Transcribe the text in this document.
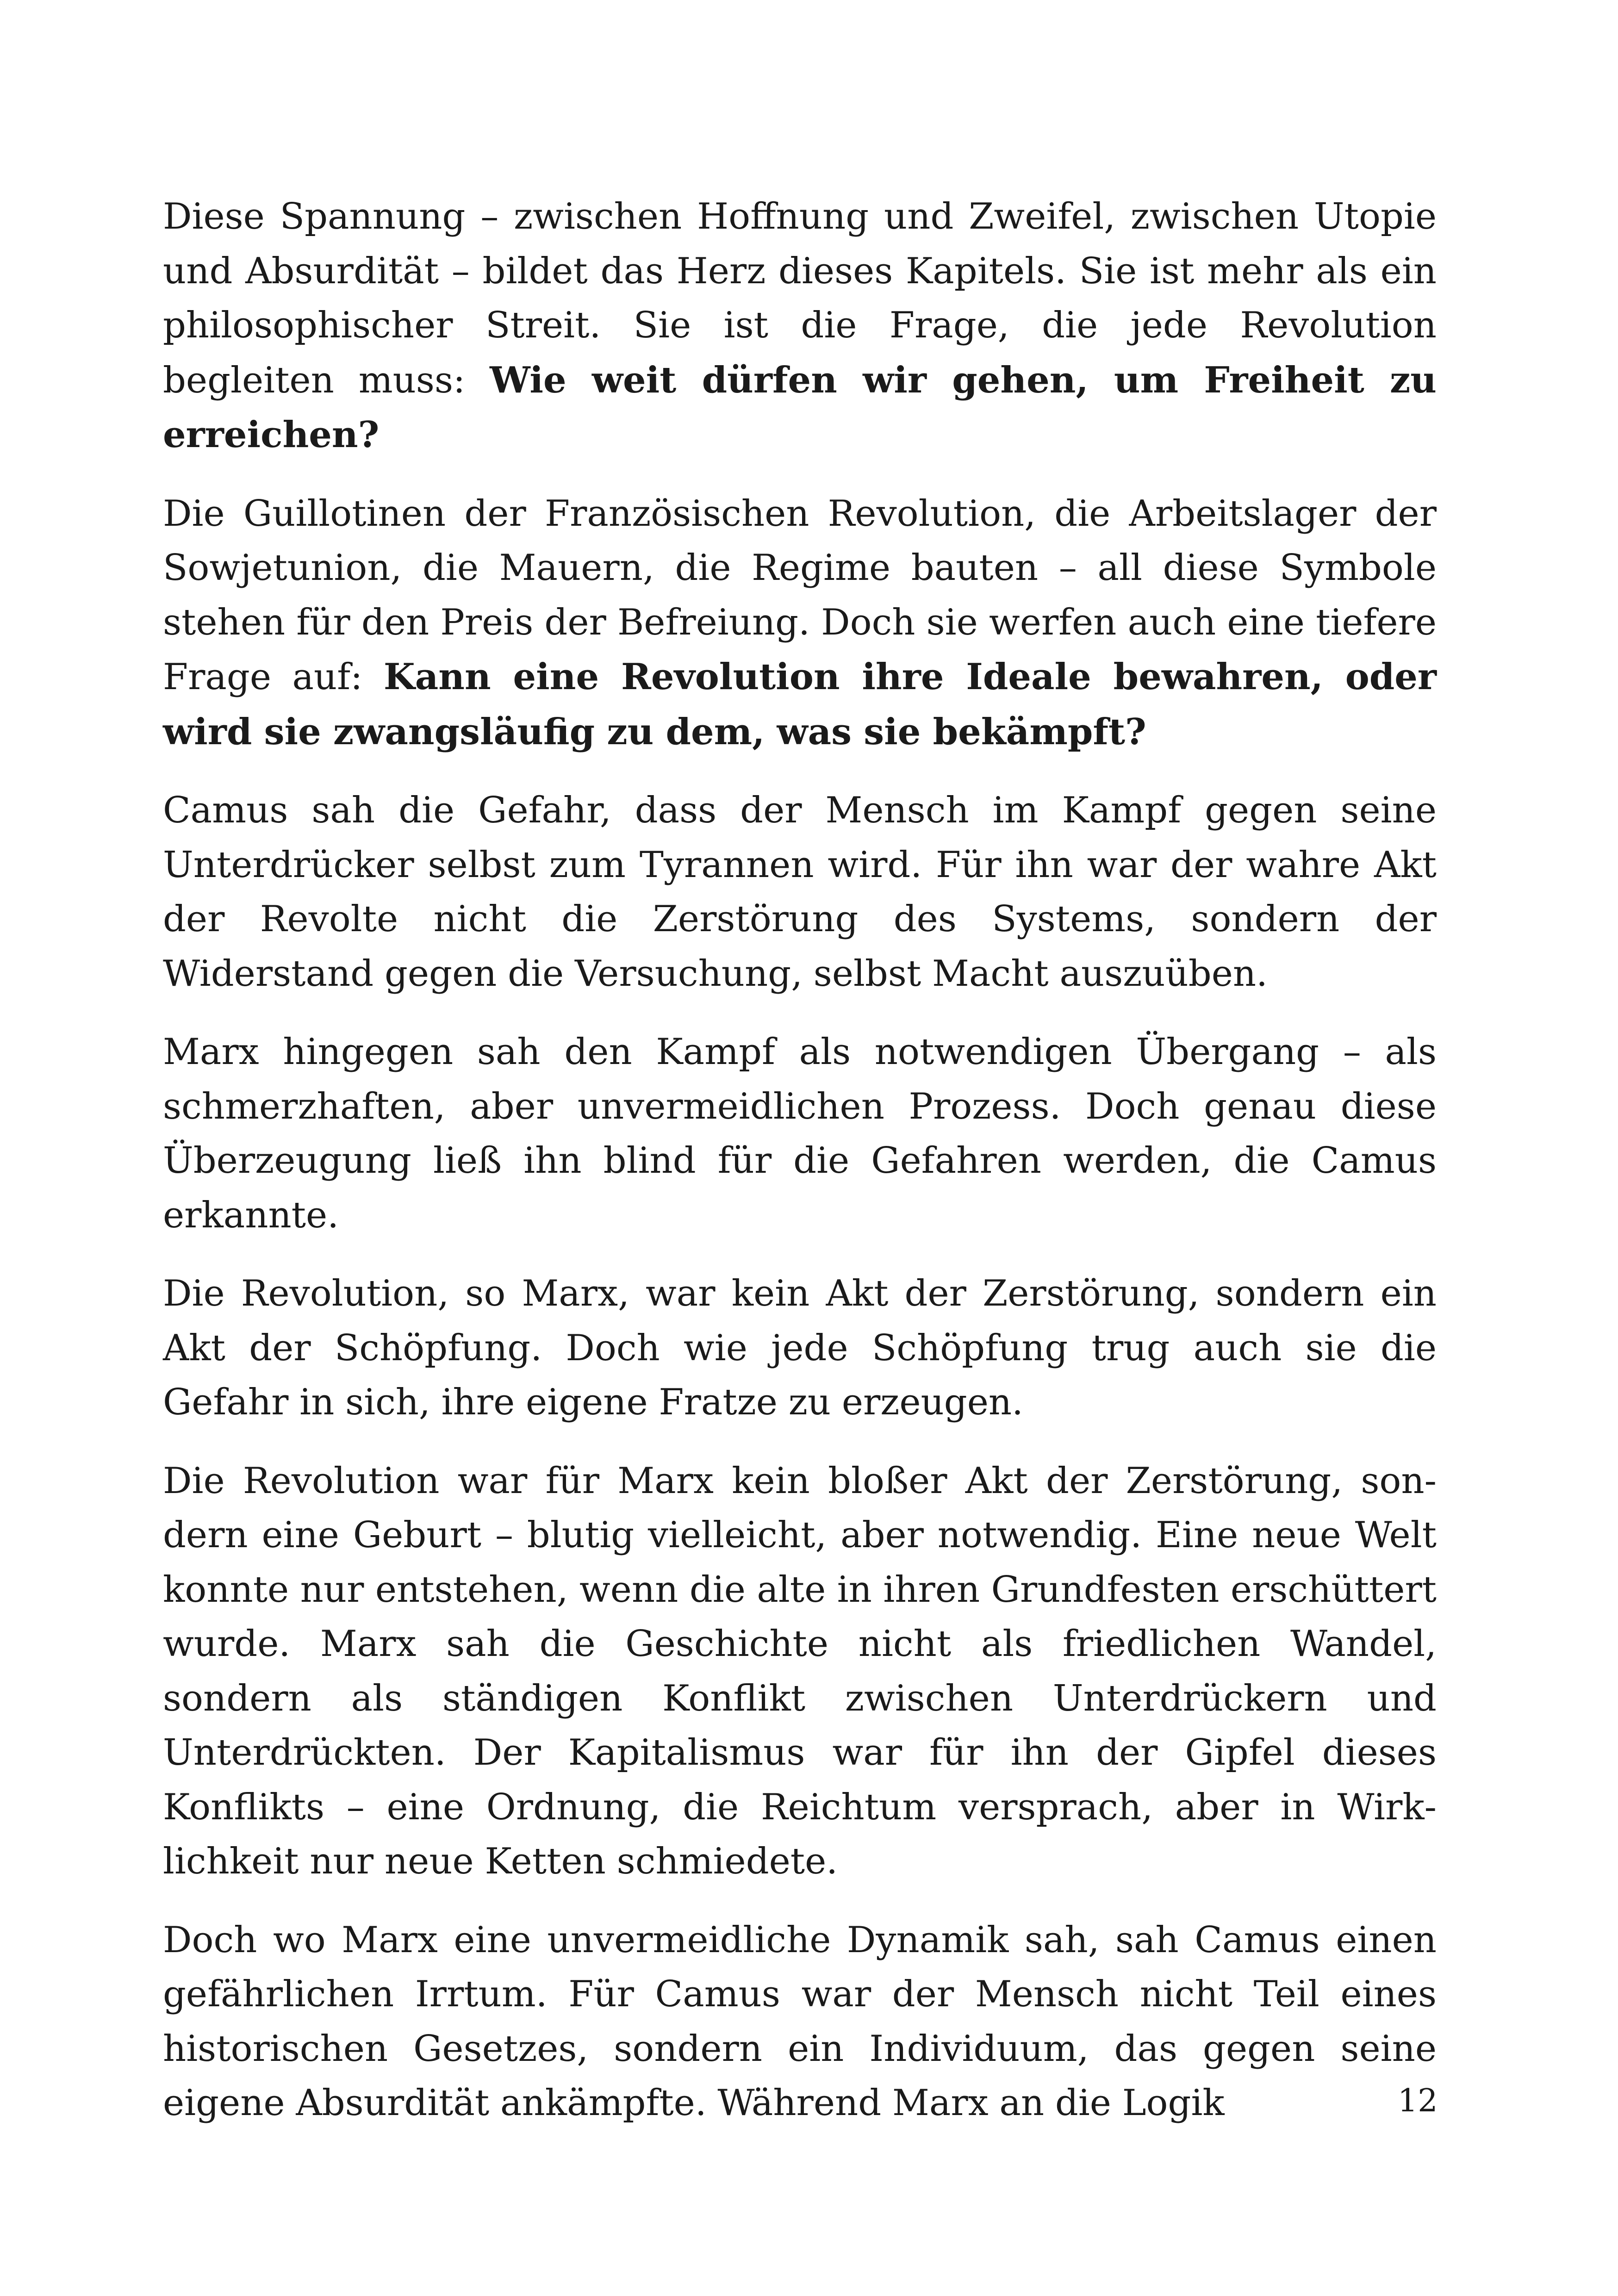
Diese Spannung – zwischen Hoffnung und Zweifel, zwischen Utopie und Absurdität – bildet das Herz dieses Kapitels. Sie ist mehr als ein philosophischer Streit. Sie ist die Frage, die jede Revolution begleiten muss: Wie weit dürfen wir gehen, um Freiheit zu erreichen?

Die Guillotinen der Französischen Revolution, die Arbeitslager der Sowjetunion, die Mauern, die Regime bauten – all diese Symbole stehen für den Preis der Befreiung. Doch sie werfen auch eine tiefere Frage auf: Kann eine Revolution ihre Ideale bewahren, oder wird sie zwangsläufig zu dem, was sie bekämpft?

Camus sah die Gefahr, dass der Mensch im Kampf gegen seine Unterdrücker selbst zum Tyrannen wird. Für ihn war der wahre Akt der Revolte nicht die Zerstörung des Systems, sondern der Widerstand gegen die Versuchung, selbst Macht auszuüben.

Marx hingegen sah den Kampf als notwendigen Übergang – als schmerzhaften, aber unvermeidlichen Prozess. Doch genau diese Überzeugung ließ ihn blind für die Gefahren werden, die Camus erkannte.

Die Revolution, so Marx, war kein Akt der Zerstörung, sondern ein Akt der Schöpfung. Doch wie jede Schöpfung trug auch sie die Gefahr in sich, ihre eigene Fratze zu erzeugen.

Die Revolution war für Marx kein bloßer Akt der Zerstörung, sondern eine Geburt – blutig vielleicht, aber notwendig. Eine neue Welt konnte nur entstehen, wenn die alte in ihren Grundfesten erschüttert wurde. Marx sah die Geschichte nicht als friedlichen Wandel, sondern als ständigen Konflikt zwischen Unterdrückern und Unterdrückten. Der Kapitalismus war für ihn der Gipfel dieses Konflikts – eine Ordnung, die Reichtum versprach, aber in Wirklichkeit nur neue Ketten schmiedete.

Doch wo Marx eine unvermeidliche Dynamik sah, sah Camus einen gefährlichen Irrtum. Für Camus war der Mensch nicht Teil eines historischen Gesetzes, sondern ein Individuum, das gegen seine eigene Absurdität ankämpfte. Während Marx an die Logik	12
